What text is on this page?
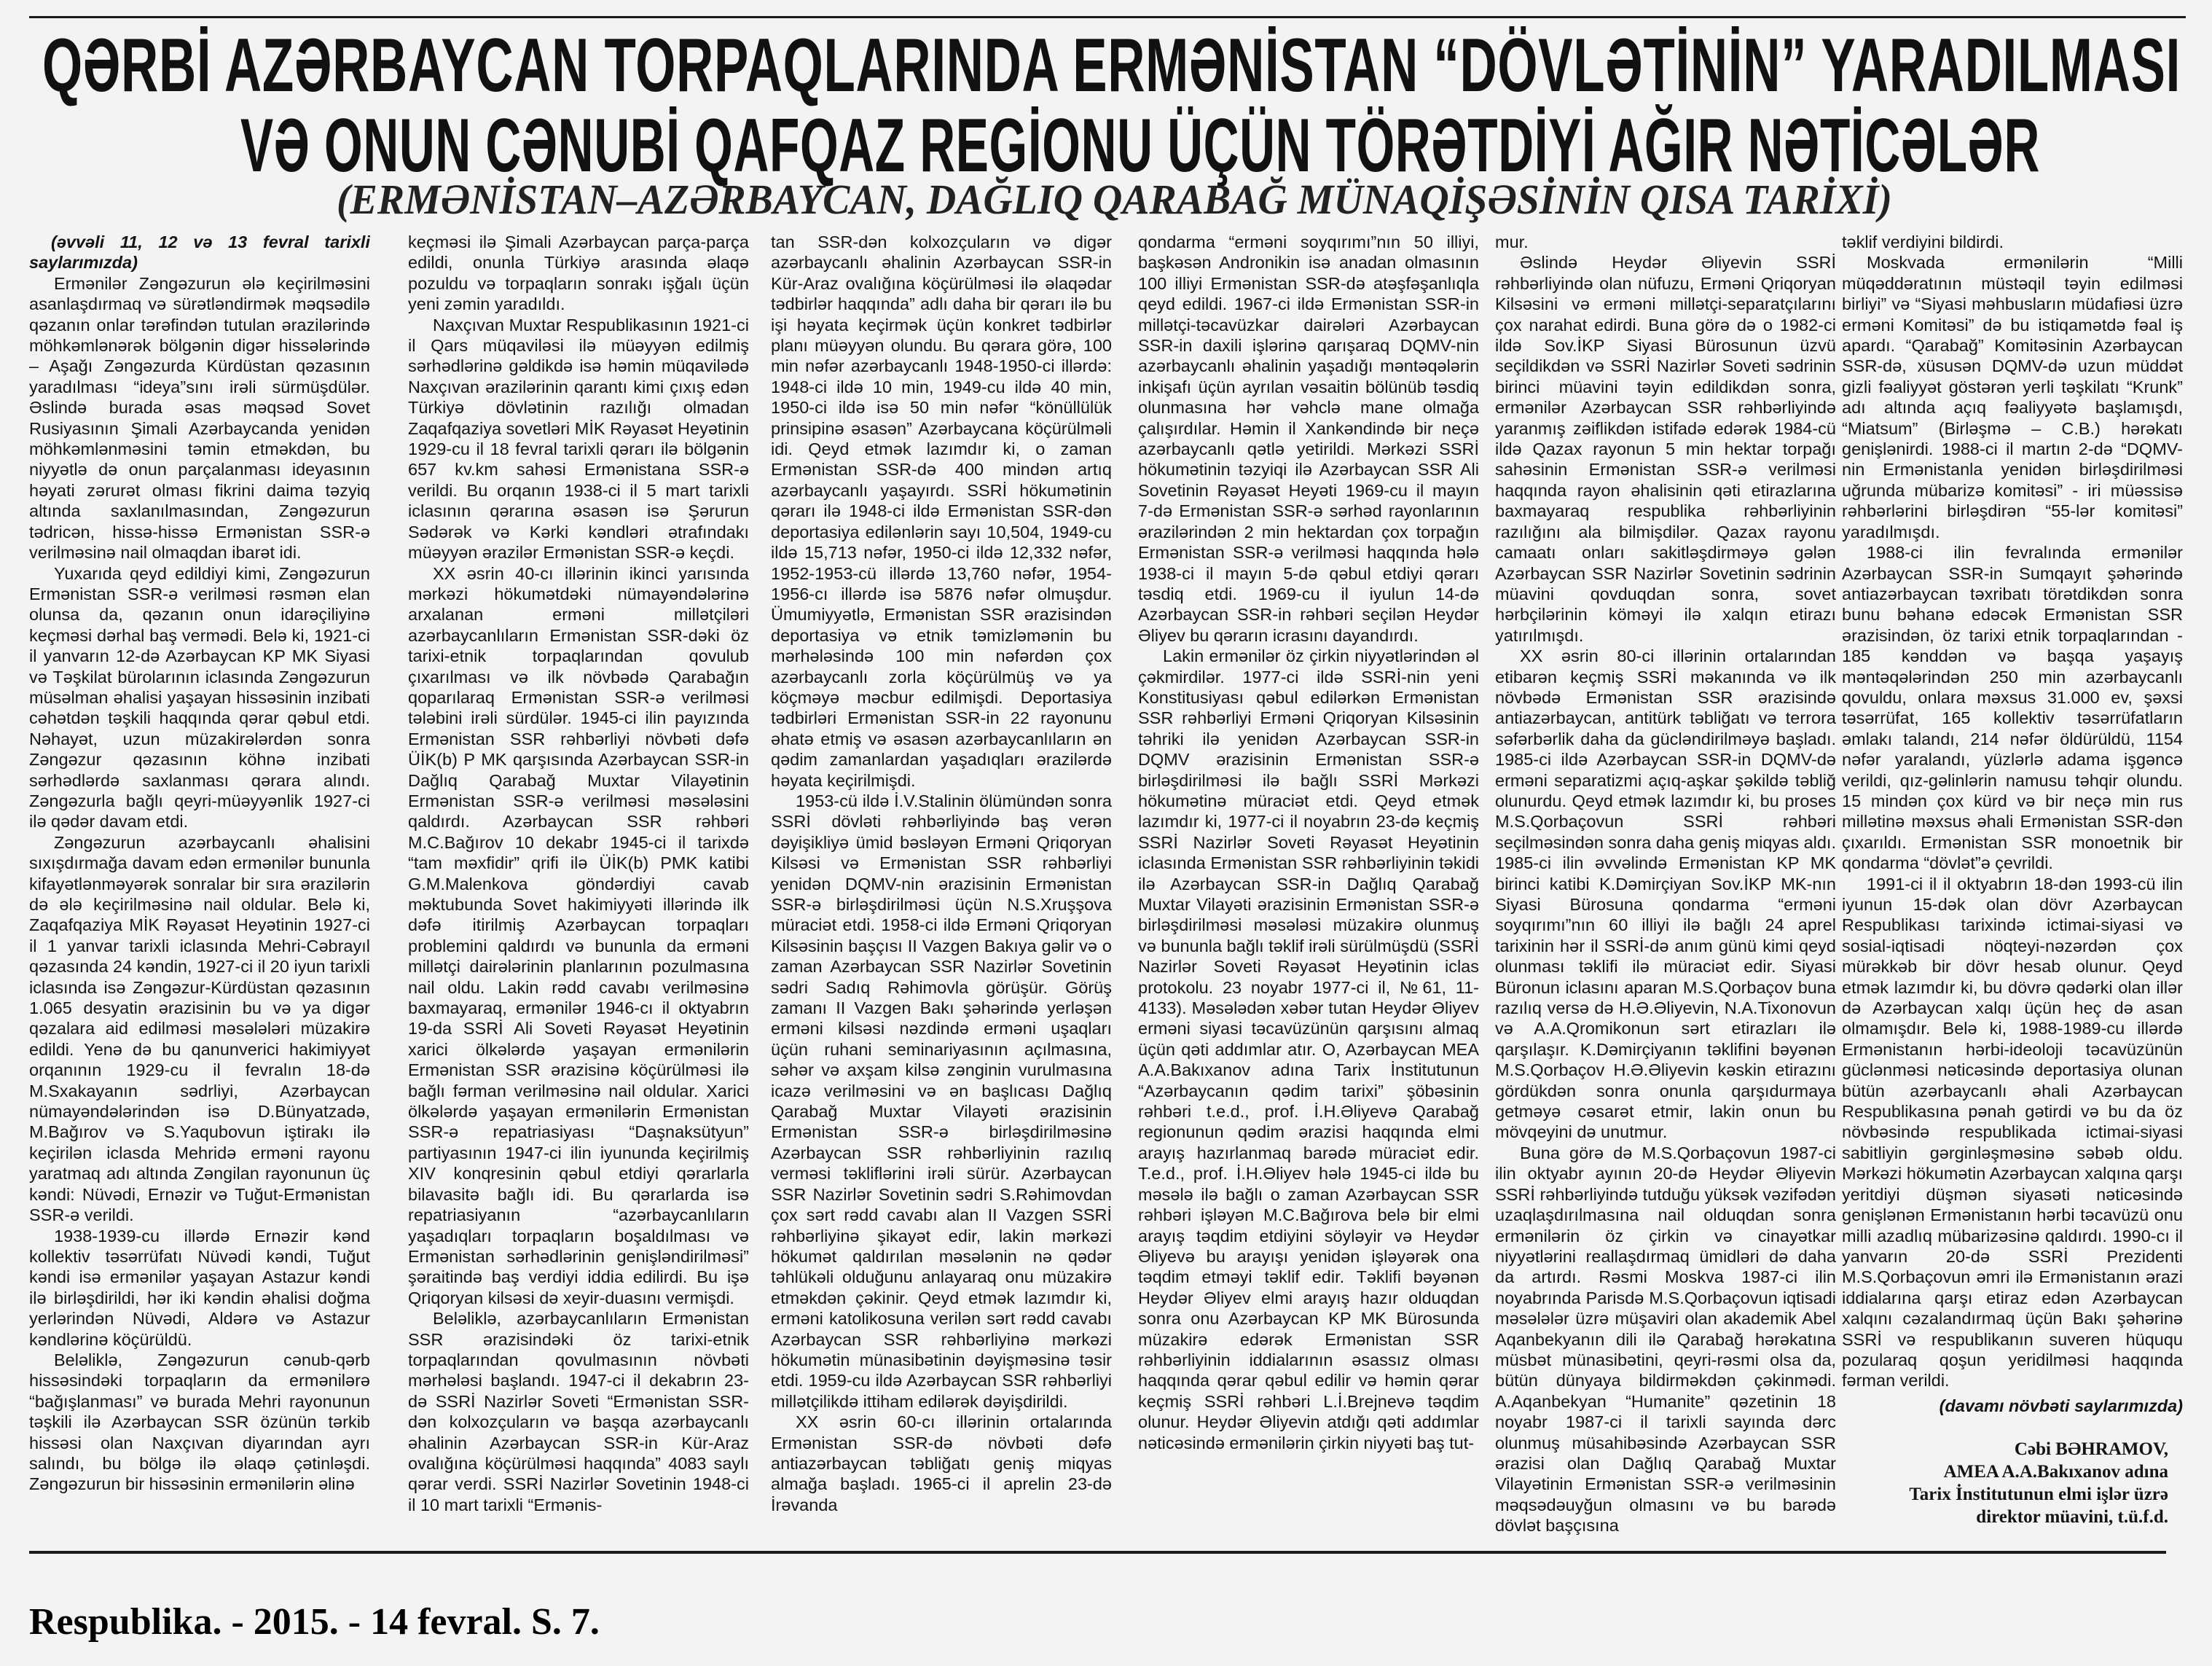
QƏRBİ AZƏRBAYCAN TORPAQLARINDA ERMƏNİSTAN “DÖVLƏTİNİN” YARADILMASI
VƏ ONUN CƏNUBİ QAFQAZ REGİONU ÜÇÜN TÖRƏTDİYİ AĞIR NƏTİCƏLƏR
(ERMƏNİSTAN–AZƏRBAYCAN, DAĞLIQ QARABAĞ MÜNAQİŞƏSİNİN QISA TARİXİ)

(əvvəli 11, 12 və 13 fevral tarixli saylarımızda)

Ermənilər Zəngəzurun ələ keçirilməsini asanlaşdırmaq və sürətləndirmək məqsədilə qəzanın onlar tərəfindən tutulan ərazilərində möhkəmlənərək bölgənin digər hissələrində – Aşağı Zəngəzurda Kürdüstan qəzasının yaradılması “ideya”sını irəli sürmüşdülər. Əslində burada əsas məqsəd Sovet Rusiyasının Şimali Azərbaycanda yenidən möhkəmlənməsini təmin etməkdən, bu niyyətlə də onun parçalanması ideyasının həyati zərurət olması fikrini daima təzyiq altında saxlanılmasından, Zəngəzurun tədricən, hissə-hissə Ermənistan SSR-ə verilməsinə nail olmaqdan ibarət idi.

Yuxarıda qeyd edildiyi kimi, Zəngəzurun Ermənistan SSR-ə verilməsi rəsmən elan olunsa da, qəzanın onun idarəçiliyinə keçməsi dərhal baş vermədi. Belə ki, 1921-ci il yanvarın 12-də Azərbaycan KP MK Siyasi və Təşkilat bürolarının iclasında Zəngəzurun müsəlman əhalisi yaşayan hissəsinin inzibati cəhətdən təşkili haqqında qərar qəbul etdi. Nəhayət, uzun müzakirələrdən sonra Zəngəzur qəzasının köhnə inzibati sərhədlərdə saxlanması qərara alındı. Zəngəzurla bağlı qeyri-müəyyənlik 1927-ci ilə qədər davam etdi.

Zəngəzurun azərbaycanlı əhalisini sıxışdırmağa davam edən ermənilər bununla kifayətlənməyərək sonralar bir sıra ərazilərin də ələ keçirilməsinə nail oldular. Belə ki, Zaqafqaziya MİK Rəyasət Heyətinin 1927-ci il 1 yanvar tarixli iclasında Mehri-Cəbrayıl qəzasında 24 kəndin, 1927-ci il 20 iyun tarixli iclasında isə Zəngəzur-Kürdüstan qəzasının 1.065 desyatin ərazisinin bu və ya digər qəzalara aid edilməsi məsələləri müzakirə edildi. Yenə də bu qanunverici hakimiyyət orqanının 1929-cu il fevralın 18-də M.Sxakayanın sədrliyi, Azərbaycan nümayəndələrindən isə D.Bünyatzadə, M.Bağırov və S.Yaqubovun iştirakı ilə keçirilən iclasda Mehridə erməni rayonu yaratmaq adı altında Zəngilan rayonunun üç kəndi: Nüvədi, Ernəzir və Tuğut-Ermənistan SSR-ə verildi.

1938-1939-cu illərdə Ernəzir kənd kollektiv təsərrüfatı Nüvədi kəndi, Tuğut kəndi isə ermənilər yaşayan Astazur kəndi ilə birləşdirildi, hər iki kəndin əhalisi doğma yerlərindən Nüvədi, Aldərə və Astazur kəndlərinə köçürüldü.

Beləliklə, Zəngəzurun cənub-qərb hissəsindəki torpaqların da ermənilərə “bağışlanması” və burada Mehri rayonunun təşkili ilə Azərbaycan SSR özünün tərkib hissəsi olan Naxçıvan diyarından ayrı salındı, bu bölgə ilə əlaqə çətinləşdi. Zəngəzurun bir hissəsinin ermənilərin əlinə

keçməsi ilə Şimali Azərbaycan parça-parça edildi, onunla Türkiyə arasında əlaqə pozuldu və torpaqların sonrakı işğalı üçün yeni zəmin yaradıldı.

Naxçıvan Muxtar Respublikasının 1921-ci il Qars müqaviləsi ilə müəyyən edilmiş sərhədlərinə gəldikdə isə həmin müqavilədə Naxçıvan ərazilərinin qarantı kimi çıxış edən Türkiyə dövlətinin razılığı olmadan Zaqafqaziya sovetləri MİK Rəyasət Heyətinin 1929-cu il 18 fevral tarixli qərarı ilə bölgənin 657 kv.km sahəsi Ermənistana SSR-ə verildi. Bu orqanın 1938-ci il 5 mart tarixli iclasının qərarına əsasən isə Şərurun Sədərək və Kərki kəndləri ətrafındakı müəyyən ərazilər Ermənistan SSR-ə keçdi.

XX əsrin 40-cı illərinin ikinci yarısında mərkəzi hökumətdəki nümayəndələrinə arxalanan erməni millətçiləri azərbaycanlıların Ermənistan SSR-dəki öz tarixi-etnik torpaqlarından qovulub çıxarılması və ilk növbədə Qarabağın qoparılaraq Ermənistan SSR-ə verilməsi tələbini irəli sürdülər. 1945-ci ilin payızında Ermənistan SSR rəhbərliyi növbəti dəfə ÜİK(b) P MK qarşısında Azərbaycan SSR-in Dağlıq Qarabağ Muxtar Vilayətinin Ermənistan SSR-ə verilməsi məsələsini qaldırdı. Azərbaycan SSR rəhbəri M.C.Bağırov 10 dekabr 1945-ci il tarixdə “tam məxfidir” qrifi ilə ÜİK(b) PMK katibi G.M.Malenkova göndərdiyi cavab məktubunda Sovet hakimiyyəti illərində ilk dəfə itirilmiş Azərbaycan torpaqları problemini qaldırdı və bununla da erməni millətçi dairələrinin planlarının pozulmasına nail oldu. Lakin rədd cavabı verilməsinə baxmayaraq, ermənilər 1946-cı il oktyabrın 19-da SSRİ Ali Soveti Rəyasət Heyətinin xarici ölkələrdə yaşayan ermənilərin Ermənistan SSR ərazisinə köçürülməsi ilə bağlı fərman verilməsinə nail oldular. Xarici ölkələrdə yaşayan ermənilərin Ermənistan SSR-ə repatriasiyası “Daşnaksütyun” partiyasının 1947-ci ilin iyununda keçirilmiş XIV konqresinin qəbul etdiyi qərarlarla bilavasitə bağlı idi. Bu qərarlarda isə repatriasiyanın “azərbaycanlıların yaşadıqları torpaqların boşaldılması və Ermənistan sərhədlərinin genişləndirilməsi” şəraitində baş verdiyi iddia edilirdi. Bu işə Qriqoryan kilsəsi də xeyir-duasını vermişdi.

Beləliklə, azərbaycanlıların Ermənistan SSR ərazisindəki öz tarixi-etnik torpaqlarından qovulmasının növbəti mərhələsi başlandı. 1947-ci il dekabrın 23-də SSRİ Nazirlər Soveti “Ermənistan SSR-dən kolxozçuların və başqa azərbaycanlı əhalinin Azərbaycan SSR-in Kür-Araz ovalığına köçürülməsi haqqında” 4083 saylı qərar verdi. SSRİ Nazirlər Sovetinin 1948-ci il 10 mart tarixli “Ermənis-

tan SSR-dən kolxozçuların və digər azərbaycanlı əhalinin Azərbaycan SSR-in Kür-Araz ovalığına köçürülməsi ilə əlaqədar tədbirlər haqqında” adlı daha bir qərarı ilə bu işi həyata keçirmək üçün konkret tədbirlər planı müəyyən olundu. Bu qərara görə, 100 min nəfər azərbaycanlı 1948-1950-ci illərdə: 1948-ci ildə 10 min, 1949-cu ildə 40 min, 1950-ci ildə isə 50 min nəfər “könüllülük prinsipinə əsasən” Azərbaycana köçürülməli idi. Qeyd etmək lazımdır ki, o zaman Ermənistan SSR-də 400 mindən artıq azərbaycanlı yaşayırdı. SSRİ hökumətinin qərarı ilə 1948-ci ildə Ermənistan SSR-dən deportasiya edilənlərin sayı 10,504, 1949-cu ildə 15,713 nəfər, 1950-ci ildə 12,332 nəfər, 1952-1953-cü illərdə 13,760 nəfər, 1954-1956-cı illərdə isə 5876 nəfər olmuşdur. Ümumiyyətlə, Ermənistan SSR ərazisindən deportasiya və etnik təmizləmənin bu mərhələsində 100 min nəfərdən çox azərbaycanlı zorla köçürülmüş və ya köçməyə məcbur edilmişdi. Deportasiya tədbirləri Ermənistan SSR-in 22 rayonunu əhatə etmiş və əsasən azərbaycanlıların ən qədim zamanlardan yaşadıqları ərazilərdə həyata keçirilmişdi.

1953-cü ildə İ.V.Stalinin ölümündən sonra SSRİ dövləti rəhbərliyində baş verən dəyişikliyə ümid bəsləyən Erməni Qriqoryan Kilsəsi və Ermənistan SSR rəhbərliyi yenidən DQMV-nin ərazisinin Ermənistan SSR-ə birləşdirilməsi üçün N.S.Xruşşova müraciət etdi. 1958-ci ildə Erməni Qriqoryan Kilsəsinin başçısı II Vazgen Bakıya gəlir və o zaman Azərbaycan SSR Nazirlər Sovetinin sədri Sadıq Rəhimovla görüşür. Görüş zamanı II Vazgen Bakı şəhərində yerləşən erməni kilsəsi nəzdində erməni uşaqları üçün ruhani seminariyasının açılmasına, səhər və axşam kilsə zənginin vurulmasına icazə verilməsini və ən başlıcası Dağlıq Qarabağ Muxtar Vilayəti ərazisinin Ermənistan SSR-ə birləşdirilməsinə Azərbaycan SSR rəhbərliyinin razılıq verməsi təkliflərini irəli sürür. Azərbaycan SSR Nazirlər Sovetinin sədri S.Rəhimovdan çox sərt rədd cavabı alan II Vazgen SSRİ rəhbərliyinə şikayət edir, lakin mərkəzi hökumət qaldırılan məsələnin nə qədər təhlükəli olduğunu anlayaraq onu müzakirə etməkdən çəkinir. Qeyd etmək lazımdır ki, erməni katolikosuna verilən sərt rədd cavabı Azərbaycan SSR rəhbərliyinə mərkəzi hökumətin münasibətinin dəyişməsinə təsir etdi. 1959-cu ildə Azərbaycan SSR rəhbərliyi millətçilikdə ittiham edilərək dəyişdirildi.

XX əsrin 60-cı illərinin ortalarında Ermənistan SSR-də növbəti dəfə antiazərbaycan təbliğatı geniş miqyas almağa başladı. 1965-ci il aprelin 23-də İrəvanda

qondarma “erməni soyqırımı”nın 50 illiyi, başkəsən Andronikin isə anadan olmasının 100 illiyi Ermənistan SSR-də atəşfəşanlıqla qeyd edildi. 1967-ci ildə Ermənistan SSR-in millətçi-təcavüzkar dairələri Azərbaycan SSR-in daxili işlərinə qarışaraq DQMV-nin azərbaycanlı əhalinin yaşadığı məntəqələrin inkişafı üçün ayrılan vəsaitin bölünüb təsdiq olunmasına hər vəhclə mane olmağa çalışırdılar. Həmin il Xankəndində bir neçə azərbaycanlı qətlə yetirildi. Mərkəzi SSRİ hökumətinin təzyiqi ilə Azərbaycan SSR Ali Sovetinin Rəyasət Heyəti 1969-cu il mayın 7-də Ermənistan SSR-ə sərhəd rayonlarının ərazilərindən 2 min hektardan çox torpağın Ermənistan SSR-ə verilməsi haqqında hələ 1938-ci il mayın 5-də qəbul etdiyi qərarı təsdiq etdi. 1969-cu il iyulun 14-də Azərbaycan SSR-in rəhbəri seçilən Heydər Əliyev bu qərarın icrasını dayandırdı.

Lakin ermənilər öz çirkin niyyətlərindən əl çəkmirdilər. 1977-ci ildə SSRİ-nin yeni Konstitusiyası qəbul edilərkən Ermənistan SSR rəhbərliyi Erməni Qriqoryan Kilsəsinin təhriki ilə yenidən Azərbaycan SSR-in DQMV ərazisinin Ermənistan SSR-ə birləşdirilməsi ilə bağlı SSRİ Mərkəzi hökumətinə müraciət etdi. Qeyd etmək lazımdır ki, 1977-ci il noyabrın 23-də keçmiş SSRİ Nazirlər Soveti Rəyasət Heyətinin iclasında Ermənistan SSR rəhbərliyinin təkidi ilə Azərbaycan SSR-in Dağlıq Qarabağ Muxtar Vilayəti ərazisinin Ermənistan SSR-ə birləşdirilməsi məsələsi müzakirə olunmuş və bununla bağlı təklif irəli sürülmüşdü (SSRİ Nazirlər Soveti Rəyasət Heyətinin iclas protokolu. 23 noyabr 1977-ci il, №61, 11-4133). Məsələdən xəbər tutan Heydər Əliyev erməni siyasi təcavüzünün qarşısını almaq üçün qəti addımlar atır. O, Azərbaycan MEA A.A.Bakıxanov adına Tarix İnstitutunun “Azərbaycanın qədim tarixi” şöbəsinin rəhbəri t.e.d., prof. İ.H.Əliyevə Qarabağ regionunun qədim ərazisi haqqında elmi arayış hazırlanmaq barədə müraciət edir. T.e.d., prof. İ.H.Əliyev hələ 1945-ci ildə bu məsələ ilə bağlı o zaman Azərbaycan SSR rəhbəri işləyən M.C.Bağırova belə bir elmi arayış təqdim etdiyini söyləyir və Heydər Əliyevə bu arayışı yenidən işləyərək ona təqdim etməyi təklif edir. Təklifi bəyənən Heydər Əliyev elmi arayış hazır olduqdan sonra onu Azərbaycan KP MK Bürosunda müzakirə edərək Ermənistan SSR rəhbərliyinin iddialarının əsassız olması haqqında qərar qəbul edilir və həmin qərar keçmiş SSRİ rəhbəri L.İ.Brejnevə təqdim olunur. Heydər Əliyevin atdığı qəti addımlar nəticəsində ermənilərin çirkin niyyəti baş tut-

mur.

Əslində Heydər Əliyevin SSRİ rəhbərliyində olan nüfuzu, Erməni Qriqoryan Kilsəsini və erməni millətçi-separatçılarını çox narahat edirdi. Buna görə də o 1982-ci ildə Sov.İKP Siyasi Bürosunun üzvü seçildikdən və SSRİ Nazirlər Soveti sədrinin birinci müavini təyin edildikdən sonra, ermənilər Azərbaycan SSR rəhbərliyində yaranmış zəiflikdən istifadə edərək 1984-cü ildə Qazax rayonun 5 min hektar torpağı sahəsinin Ermənistan SSR-ə verilməsi haqqında rayon əhalisinin qəti etirazlarına baxmayaraq respublika rəhbərliyinin razılığını ala bilmişdilər. Qazax rayonu camaatı onları sakitləşdirməyə gələn Azərbaycan SSR Nazirlər Sovetinin sədrinin müavini qovduqdan sonra, sovet hərbçilərinin köməyi ilə xalqın etirazı yatırılmışdı.

XX əsrin 80-ci illərinin ortalarından etibarən keçmiş SSRİ məkanında və ilk növbədə Ermənistan SSR ərazisində antiazərbaycan, antitürk təbliğatı və terrora səfərbərlik daha da gücləndirilməyə başladı. 1985-ci ildə Azərbaycan SSR-in DQMV-də erməni separatizmi açıq-aşkar şəkildə təbliğ olunurdu. Qeyd etmək lazımdır ki, bu proses M.S.Qorbaçovun SSRİ rəhbəri seçilməsindən sonra daha geniş miqyas aldı. 1985-ci ilin əvvəlində Ermənistan KP MK birinci katibi K.Dəmirçiyan Sov.İKP MK-nın Siyasi Bürosuna qondarma “erməni soyqırımı”nın 60 illiyi ilə bağlı 24 aprel tarixinin hər il SSRİ-də anım günü kimi qeyd olunması təklifi ilə müraciət edir. Siyasi Büronun iclasını aparan M.S.Qorbaçov buna razılıq versə də H.Ə.Əliyevin, N.A.Tixonovun və A.A.Qromikonun sərt etirazları ilə qarşılaşır. K.Dəmirçiyanın təklifini bəyənən M.S.Qorbaçov H.Ə.Əliyevin kəskin etirazını gördükdən sonra onunla qarşıdurmaya getməyə cəsarət etmir, lakin onun bu mövqeyini də unutmur.

Buna görə də M.S.Qorbaçovun 1987-ci ilin oktyabr ayının 20-də Heydər Əliyevin SSRİ rəhbərliyində tutduğu yüksək vəzifədən uzaqlaşdırılmasına nail olduqdan sonra ermənilərin öz çirkin və cinayətkar niyyətlərini reallaşdırmaq ümidləri də daha da artırdı. Rəsmi Moskva 1987-ci ilin noyabrında Parisdə M.S.Qorbaçovun iqtisadi məsələlər üzrə müşaviri olan akademik Abel Aqanbekyanın dili ilə Qarabağ hərəkatına müsbət münasibətini, qeyri-rəsmi olsa da, bütün dünyaya bildirməkdən çəkinmədi. A.Aqanbekyan “Humanite” qəzetinin 18 noyabr 1987-ci il tarixli sayında dərc olunmuş müsahibəsində Azərbaycan SSR ərazisi olan Dağlıq Qarabağ Muxtar Vilayətinin Ermənistan SSR-ə verilməsinin məqsədəuyğun olmasını və bu barədə dövlət başçısına

təklif verdiyini bildirdi.

Moskvada ermənilərin “Milli müqəddəratının müstəqil təyin edilməsi birliyi” və “Siyasi məhbusların müdafiəsi üzrə erməni Komitəsi” də bu istiqamətdə fəal iş apardı. “Qarabağ” Komitəsinin Azərbaycan SSR-də, xüsusən DQMV-də uzun müddət gizli fəaliyyət göstərən yerli təşkilatı “Krunk” adı altında açıq fəaliyyətə başlamışdı, “Miatsum” (Birləşmə – C.B.) hərəkatı genişlənirdi. 1988-ci il martın 2-də “DQMV-nin Ermənistanla yenidən birləşdirilməsi uğrunda mübarizə komitəsi” - iri müəssisə rəhbərlərini birləşdirən “55-lər komitəsi” yaradılmışdı.

1988-ci ilin fevralında ermənilər Azərbaycan SSR-in Sumqayıt şəhərində antiazərbaycan təxribatı törətdikdən sonra bunu bəhanə edəcək Ermənistan SSR ərazisindən, öz tarixi etnik torpaqlarından - 185 kənddən və başqa yaşayış məntəqələrindən 250 min azərbaycanlı qovuldu, onlara məxsus 31.000 ev, şəxsi təsərrüfat, 165 kollektiv təsərrüfatların əmlakı talandı, 214 nəfər öldürüldü, 1154 nəfər yaralandı, yüzlərlə adama işgəncə verildi, qız-gəlinlərin namusu təhqir olundu. 15 mindən çox kürd və bir neçə min rus millətinə məxsus əhali Ermənistan SSR-dən çıxarıldı. Ermənistan SSR monoetnik bir qondarma “dövlət”ə çevrildi.

1991-ci il il oktyabrın 18-dən 1993-cü ilin iyunun 15-dək olan dövr Azərbaycan Respublikası tarixində ictimai-siyasi və sosial-iqtisadi nöqteyi-nəzərdən çox mürəkkəb bir dövr hesab olunur. Qeyd etmək lazımdır ki, bu dövrə qədərki olan illər də Azərbaycan xalqı üçün heç də asan olmamışdır. Belə ki, 1988-1989-cu illərdə Ermənistanın hərbi-ideoloji təcavüzünün güclənməsi nəticəsində deportasiya olunan bütün azərbaycanlı əhali Azərbaycan Respublikasına pənah gətirdi və bu da öz növbəsində respublikada ictimai-siyasi sabitliyin gərginləşməsinə səbəb oldu. Mərkəzi hökumətin Azərbaycan xalqına qarşı yeritdiyi düşmən siyasəti nəticəsində genişlənən Ermənistanın hərbi təcavüzü onu milli azadlıq mübarizəsinə qaldırdı. 1990-cı il yanvarın 20-də SSRİ Prezidenti M.S.Qorbaçovun əmri ilə Ermənistanın ərazi iddialarına qarşı etiraz edən Azərbaycan xalqını cəzalandırmaq üçün Bakı şəhərinə SSRİ və respublikanın suveren hüququ pozularaq qoşun yeridilməsi haqqında fərman verildi.

(davamı növbəti saylarımızda)

Cəbi BƏHRAMOV,
AMEA A.A.Bakıxanov adına
Tarix İnstitutunun elmi işlər üzrə
direktor müavini, t.ü.f.d.
Respublika. - 2015. - 14 fevral. S. 7.
